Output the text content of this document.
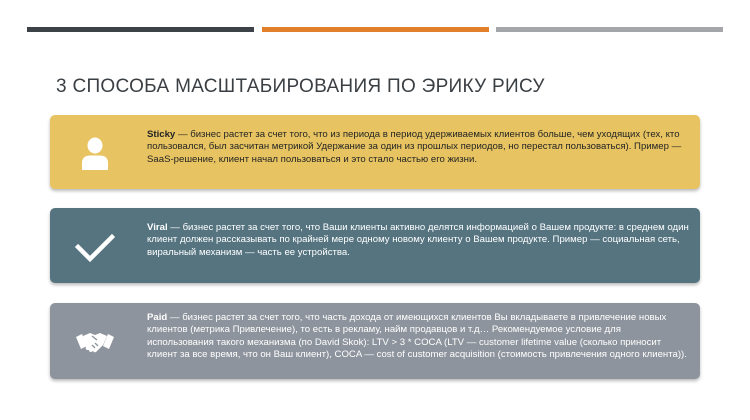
3 СПОСОБА МАСШТАБИРОВАНИЯ ПО ЭРИКУ РИСУ
Sticky — бизнес растет за счет того, что из периода в период удерживаемых клиентов больше, чем уходящих (тех, кто пользовался, был засчитан метрикой Удержание за один из прошлых периодов, но перестал пользоваться). Пример — SaaS-решение, клиент начал пользоваться и это стало частью его жизни.
Viral — бизнес растет за счет того, что Ваши клиенты активно делятся информацией о Вашем продукте: в среднем один клиент должен рассказывать по крайней мере одному новому клиенту о Вашем продукте. Пример — социальная сеть, виральный механизм — часть ее устройства.
Paid — бизнес растет за счет того, что часть дохода от имеющихся клиентов Вы вкладываете в привлечение новых клиентов (метрика Привлечение), то есть в рекламу, найм продавцов и т.д… Рекомендуемое условие для использования такого механизма (по David Skok): LTV > 3 * COCA (LTV — customer lifetime value (сколько приносит клиент за все время, что он Ваш клиент), COCA — cost of customer acquisition (стоимость привлечения одного клиента)).
